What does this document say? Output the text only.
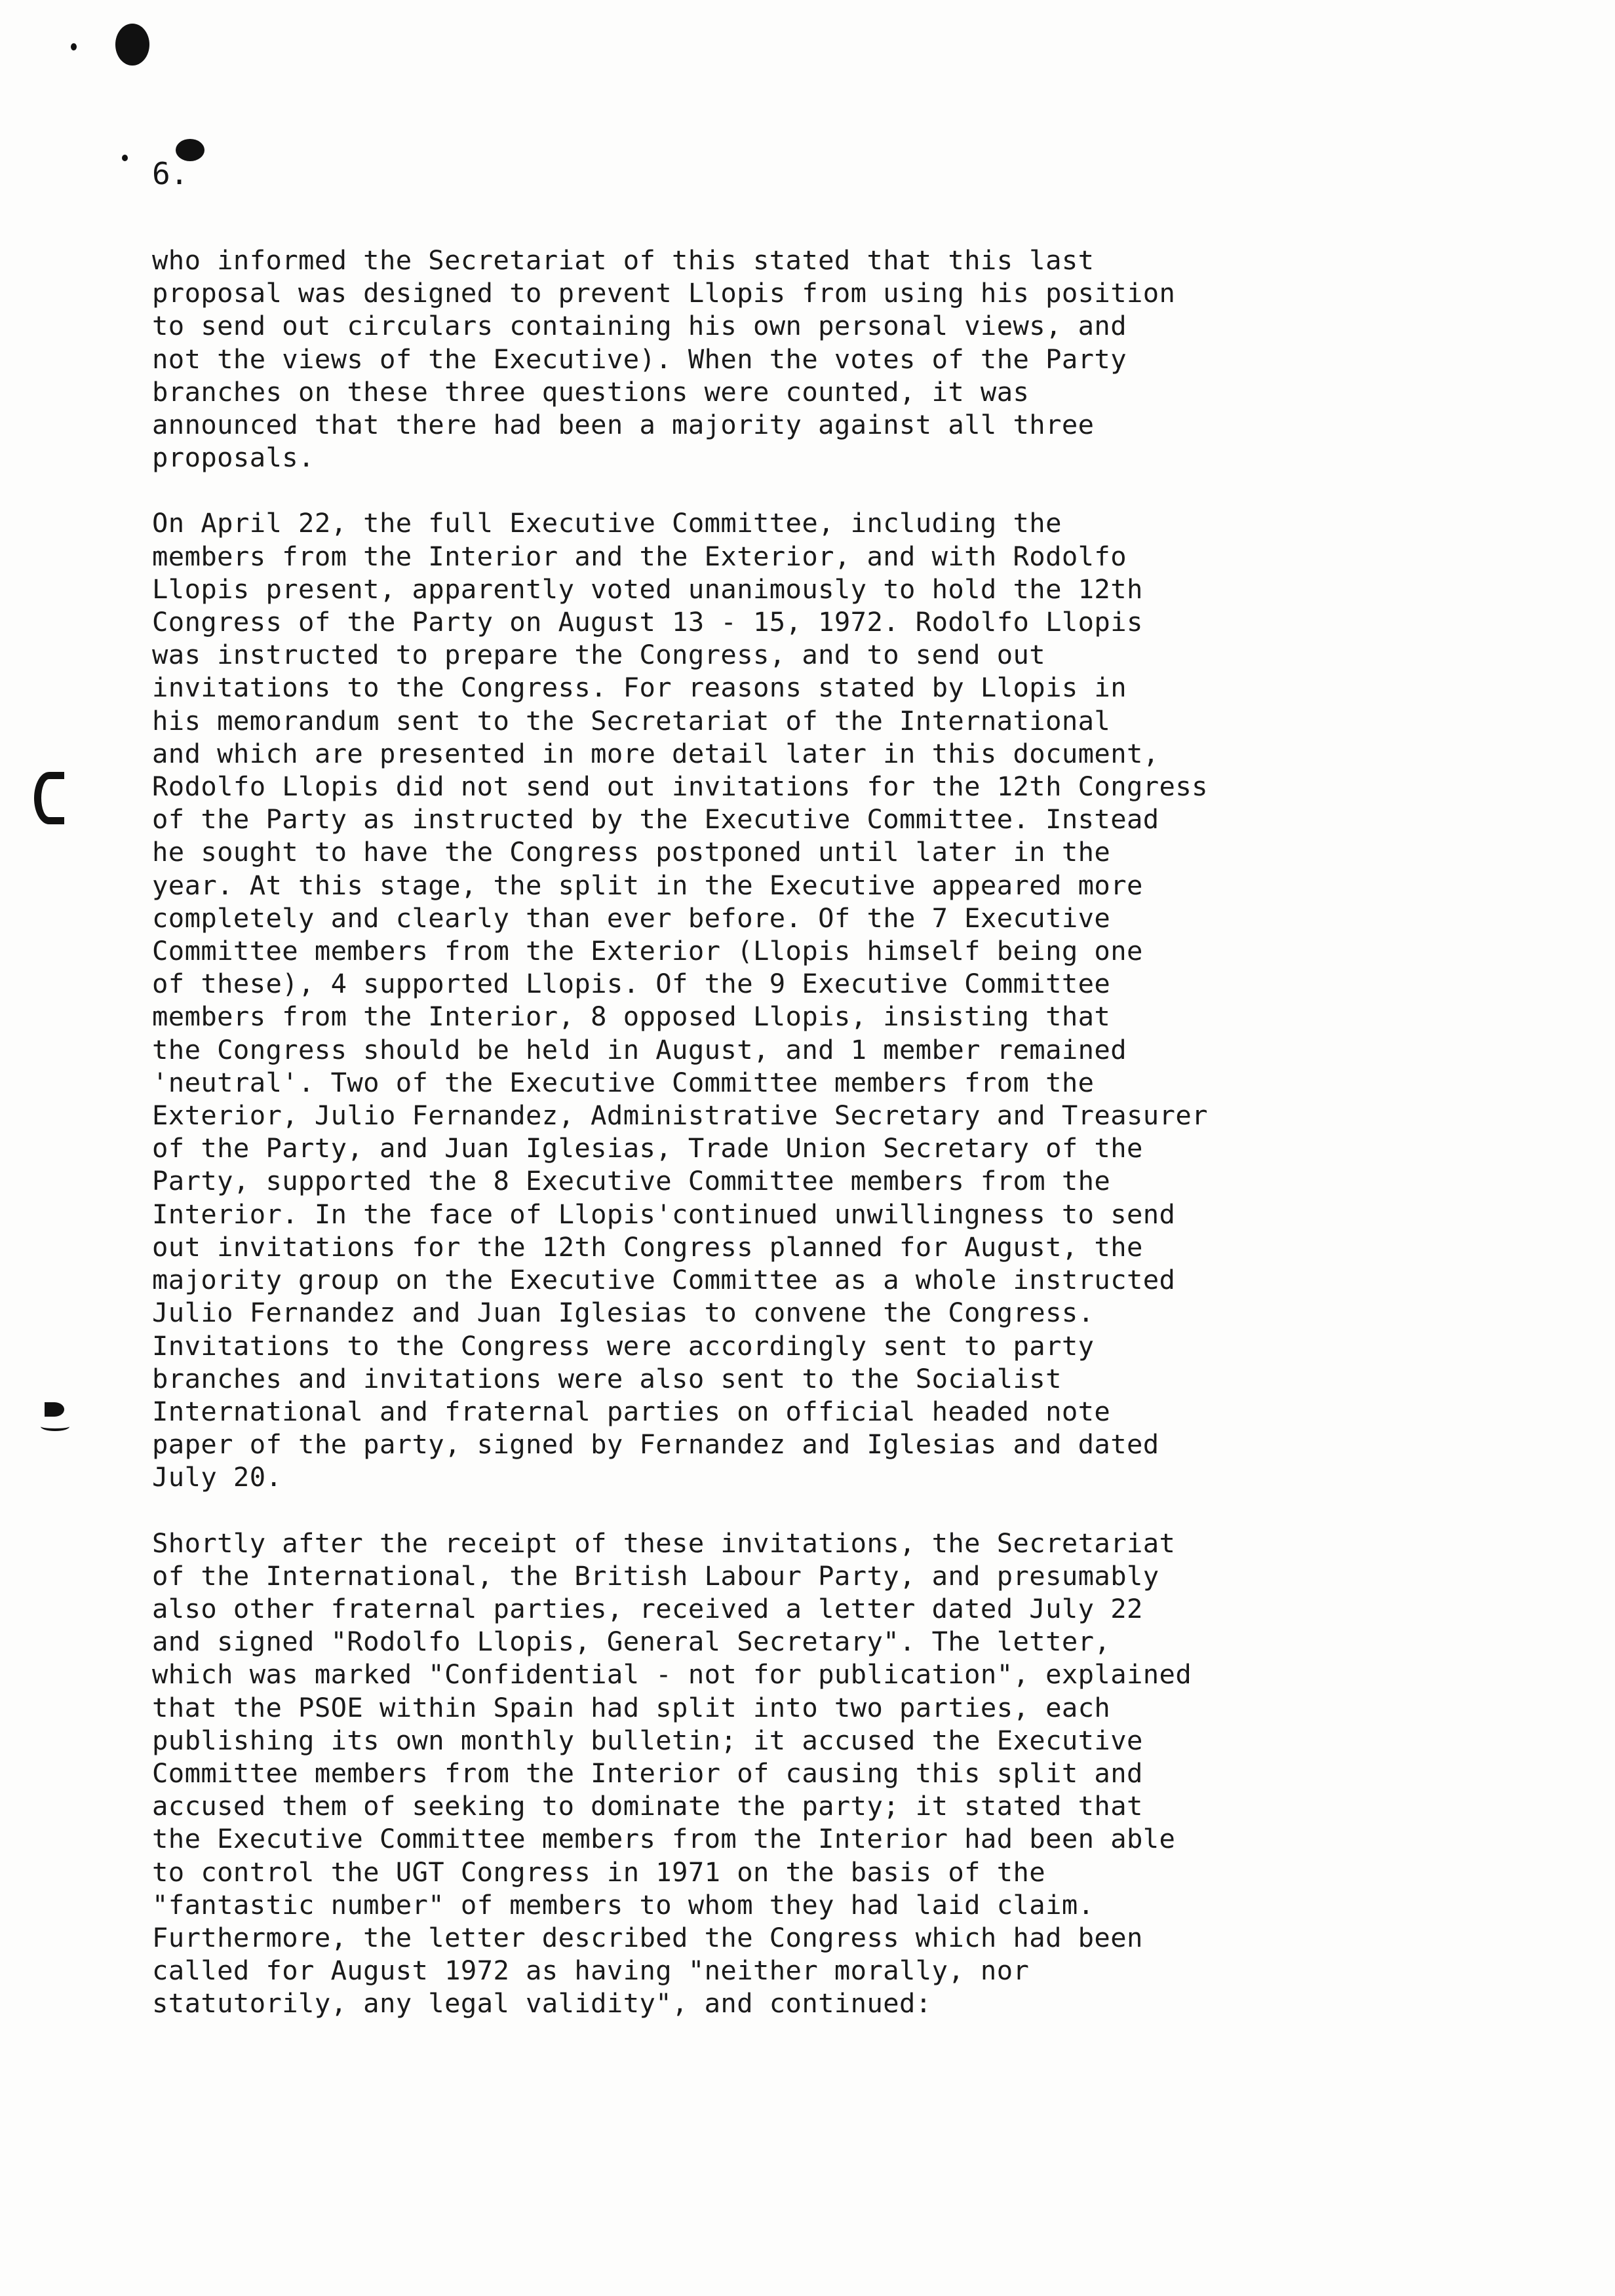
6.
who informed the Secretariat of this stated that this last
proposal was designed to prevent Llopis from using his position
to send out circulars containing his own personal views, and
not the views of the Executive). When the votes of the Party
branches on these three questions were counted, it was
announced that there had been a majority against all three
proposals.
On April 22, the full Executive Committee, including the
members from the Interior and the Exterior, and with Rodolfo
Llopis present, apparently voted unanimously to hold the 12th
Congress of the Party on August 13 - 15, 1972. Rodolfo Llopis
was instructed to prepare the Congress, and to send out
invitations to the Congress. For reasons stated by Llopis in
his memorandum sent to the Secretariat of the International
and which are presented in more detail later in this document,
Rodolfo Llopis did not send out invitations for the 12th Congress
of the Party as instructed by the Executive Committee. Instead
he sought to have the Congress postponed until later in the
year. At this stage, the split in the Executive appeared more
completely and clearly than ever before. Of the 7 Executive
Committee members from the Exterior (Llopis himself being one
of these), 4 supported Llopis. Of the 9 Executive Committee
members from the Interior, 8 opposed Llopis, insisting that
the Congress should be held in August, and 1 member remained
'neutral'. Two of the Executive Committee members from the
Exterior, Julio Fernandez, Administrative Secretary and Treasurer
of the Party, and Juan Iglesias, Trade Union Secretary of the
Party, supported the 8 Executive Committee members from the
Interior. In the face of Llopis'continued unwillingness to send
out invitations for the 12th Congress planned for August, the
majority group on the Executive Committee as a whole instructed
Julio Fernandez and Juan Iglesias to convene the Congress.
Invitations to the Congress were accordingly sent to party
branches and invitations were also sent to the Socialist
International and fraternal parties on official headed note
paper of the party, signed by Fernandez and Iglesias and dated
July 20.
Shortly after the receipt of these invitations, the Secretariat
of the International, the British Labour Party, and presumably
also other fraternal parties, received a letter dated July 22
and signed "Rodolfo Llopis, General Secretary". The letter,
which was marked "Confidential - not for publication", explained
that the PSOE within Spain had split into two parties, each
publishing its own monthly bulletin; it accused the Executive
Committee members from the Interior of causing this split and
accused them of seeking to dominate the party; it stated that
the Executive Committee members from the Interior had been able
to control the UGT Congress in 1971 on the basis of the
"fantastic number" of members to whom they had laid claim.
Furthermore, the letter described the Congress which had been
called for August 1972 as having "neither morally, nor
statutorily, any legal validity", and continued:
